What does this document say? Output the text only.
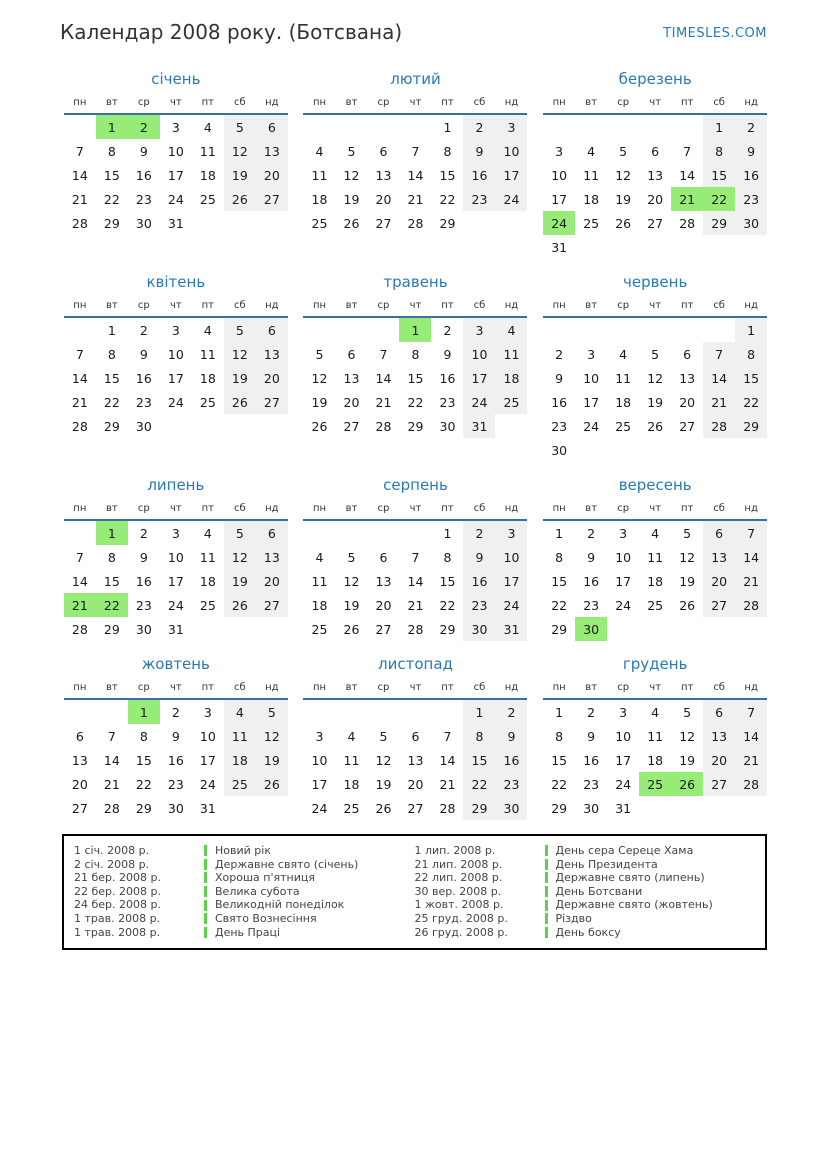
Календар 2008 року. (Ботсвана)	TIMESLES.COM
січень
пн	вт	ср	чт	пт	сб	нд
	1	2	3	4	5	6
7	8	9	10	11	12	13
14	15	16	17	18	19	20
21	22	23	24	25	26	27
28	29	30	31			
лютий
пн	вт	ср	чт	пт	сб	нд
				1	2	3
4	5	6	7	8	9	10
11	12	13	14	15	16	17
18	19	20	21	22	23	24
25	26	27	28	29		
березень
пн	вт	ср	чт	пт	сб	нд
					1	2
3	4	5	6	7	8	9
10	11	12	13	14	15	16
17	18	19	20	21	22	23
24	25	26	27	28	29	30
31						
квітень
пн	вт	ср	чт	пт	сб	нд
	1	2	3	4	5	6
7	8	9	10	11	12	13
14	15	16	17	18	19	20
21	22	23	24	25	26	27
28	29	30				
травень
пн	вт	ср	чт	пт	сб	нд
			1	2	3	4
5	6	7	8	9	10	11
12	13	14	15	16	17	18
19	20	21	22	23	24	25
26	27	28	29	30	31	
червень
пн	вт	ср	чт	пт	сб	нд
						1
2	3	4	5	6	7	8
9	10	11	12	13	14	15
16	17	18	19	20	21	22
23	24	25	26	27	28	29
30						
липень
пн	вт	ср	чт	пт	сб	нд
	1	2	3	4	5	6
7	8	9	10	11	12	13
14	15	16	17	18	19	20
21	22	23	24	25	26	27
28	29	30	31			
серпень
пн	вт	ср	чт	пт	сб	нд
				1	2	3
4	5	6	7	8	9	10
11	12	13	14	15	16	17
18	19	20	21	22	23	24
25	26	27	28	29	30	31
вересень
пн	вт	ср	чт	пт	сб	нд
1	2	3	4	5	6	7
8	9	10	11	12	13	14
15	16	17	18	19	20	21
22	23	24	25	26	27	28
29	30					
жовтень
пн	вт	ср	чт	пт	сб	нд
		1	2	3	4	5
6	7	8	9	10	11	12
13	14	15	16	17	18	19
20	21	22	23	24	25	26
27	28	29	30	31		
листопад
пн	вт	ср	чт	пт	сб	нд
					1	2
3	4	5	6	7	8	9
10	11	12	13	14	15	16
17	18	19	20	21	22	23
24	25	26	27	28	29	30
грудень
пн	вт	ср	чт	пт	сб	нд
1	2	3	4	5	6	7
8	9	10	11	12	13	14
15	16	17	18	19	20	21
22	23	24	25	26	27	28
29	30	31				
1 січ. 2008 р.	Новий рік
2 січ. 2008 р.	Державне свято (січень)
21 бер. 2008 р.	Хороша п'ятниця
22 бер. 2008 р.	Велика субота
24 бер. 2008 р.	Великодній понеділок
1 трав. 2008 р.	Свято Вознесіння
1 трав. 2008 р.	День Праці
1 лип. 2008 р.	День сера Сереце Хама
21 лип. 2008 р.	День Президента
22 лип. 2008 р.	Державне свято (липень)
30 вер. 2008 р.	День Ботсвани
1 жовт. 2008 р.	Державне свято (жовтень)
25 груд. 2008 р.	Різдво
26 груд. 2008 р.	День боксу
